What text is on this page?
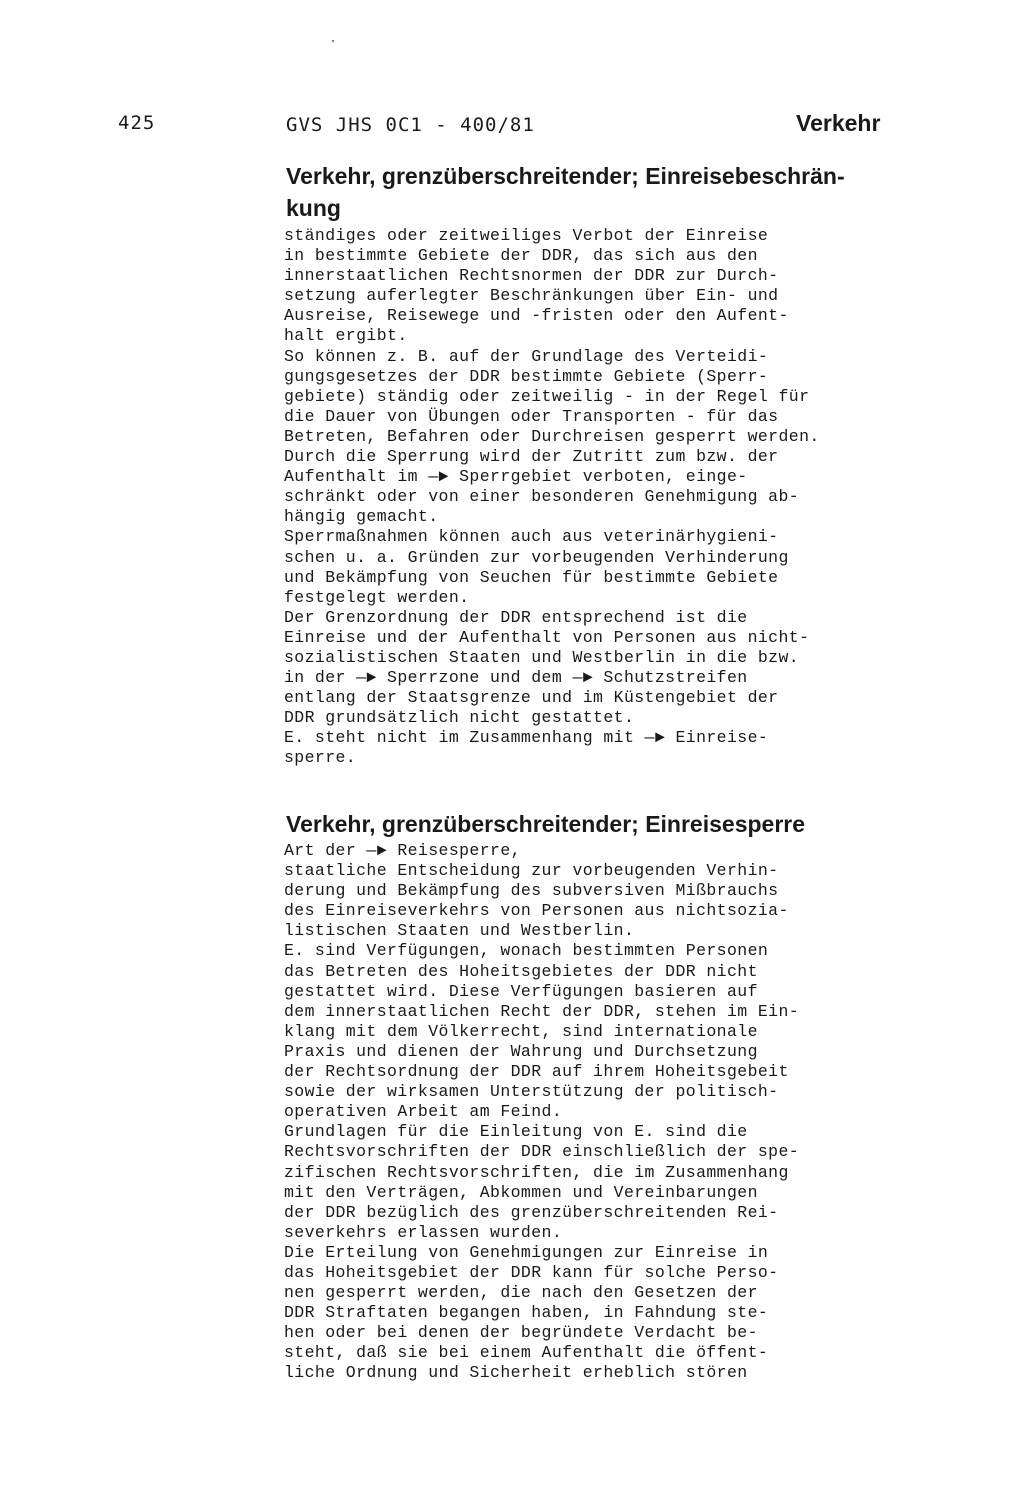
425	GVS JHS 0C1 - 400/81	Verkehr
Verkehr, grenzüberschreitender; Einreisebeschrän-
kung
ständiges oder zeitweiliges Verbot der Einreise
in bestimmte Gebiete der DDR, das sich aus den
innerstaatlichen Rechtsnormen der DDR zur Durch-
setzung auferlegter Beschränkungen über Ein- und
Ausreise, Reisewege und -fristen oder den Aufent-
halt ergibt.
So können z. B. auf der Grundlage des Verteidi-
gungsgesetzes der DDR bestimmte Gebiete (Sperr-
gebiete) ständig oder zeitweilig - in der Regel für
die Dauer von Übungen oder Transporten - für das
Betreten, Befahren oder Durchreisen gesperrt werden.
Durch die Sperrung wird der Zutritt zum bzw. der
Aufenthalt im —► Sperrgebiet verboten, einge-
schränkt oder von einer besonderen Genehmigung ab-
hängig gemacht.
Sperrmaßnahmen können auch aus veterinärhygieni-
schen u. a. Gründen zur vorbeugenden Verhinderung
und Bekämpfung von Seuchen für bestimmte Gebiete
festgelegt werden.
Der Grenzordnung der DDR entsprechend ist die
Einreise und der Aufenthalt von Personen aus nicht-
sozialistischen Staaten und Westberlin in die bzw.
in der —► Sperrzone und dem —► Schutzstreifen
entlang der Staatsgrenze und im Küstengebiet der
DDR grundsätzlich nicht gestattet.
E. steht nicht im Zusammenhang mit —► Einreise-
sperre.
Verkehr, grenzüberschreitender; Einreisesperre
Art der —► Reisesperre,
staatliche Entscheidung zur vorbeugenden Verhin-
derung und Bekämpfung des subversiven Mißbrauchs
des Einreiseverkehrs von Personen aus nichtsozia-
listischen Staaten und Westberlin.
E. sind Verfügungen, wonach bestimmten Personen
das Betreten des Hoheitsgebietes der DDR nicht
gestattet wird. Diese Verfügungen basieren auf
dem innerstaatlichen Recht der DDR, stehen im Ein-
klang mit dem Völkerrecht, sind internationale
Praxis und dienen der Wahrung und Durchsetzung
der Rechtsordnung der DDR auf ihrem Hoheitsgebeit
sowie der wirksamen Unterstützung der politisch-
operativen Arbeit am Feind.
Grundlagen für die Einleitung von E. sind die
Rechtsvorschriften der DDR einschließlich der spe-
zifischen Rechtsvorschriften, die im Zusammenhang
mit den Verträgen, Abkommen und Vereinbarungen
der DDR bezüglich des grenzüberschreitenden Rei-
severkehrs erlassen wurden.
Die Erteilung von Genehmigungen zur Einreise in
das Hoheitsgebiet der DDR kann für solche Perso-
nen gesperrt werden, die nach den Gesetzen der
DDR Straftaten begangen haben, in Fahndung ste-
hen oder bei denen der begründete Verdacht be-
steht, daß sie bei einem Aufenthalt die öffent-
liche Ordnung und Sicherheit erheblich stören
